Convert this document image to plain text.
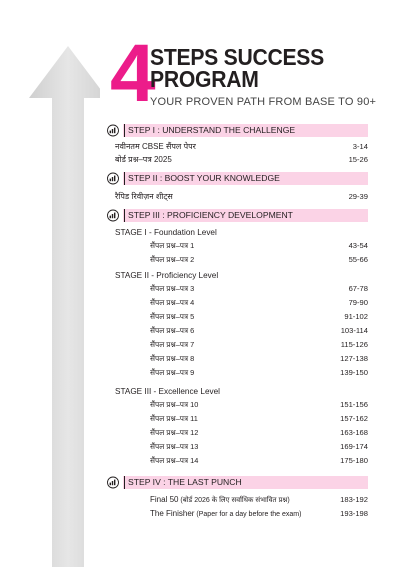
4
STEPS SUCCESS
PROGRAM
YOUR PROVEN PATH FROM BASE TO 90+
STEP I : UNDERSTAND THE CHALLENGE
नवीनतम CBSE सैंपल पेपर	3-14
बोर्ड प्रश्न–पत्र 2025	15-26
STEP II : BOOST YOUR KNOWLEDGE
रैपिड रिवीज़न शीट्स	29-39
STEP III : PROFICIENCY DEVELOPMENT
STAGE I - Foundation Level
सैंपल प्रश्न–पत्र 1	43-54
सैंपल प्रश्न–पत्र 2	55-66
STAGE II - Proficiency Level
सैंपल प्रश्न–पत्र 3	67-78
सैंपल प्रश्न–पत्र 4	79-90
सैंपल प्रश्न–पत्र 5	91-102
सैंपल प्रश्न–पत्र 6	103-114
सैंपल प्रश्न–पत्र 7	115-126
सैंपल प्रश्न–पत्र 8	127-138
सैंपल प्रश्न–पत्र 9	139-150
STAGE III - Excellence Level
सैंपल प्रश्न–पत्र 10	151-156
सैंपल प्रश्न–पत्र 11	157-162
सैंपल प्रश्न–पत्र 12	163-168
सैंपल प्रश्न–पत्र 13	169-174
सैंपल प्रश्न–पत्र 14	175-180
STEP IV : THE LAST PUNCH
Final 50 (बोर्ड 2026 के लिए सर्वाधिक संभावित प्रश्न)	183-192
The Finisher (Paper for a day before the exam)	193-198
